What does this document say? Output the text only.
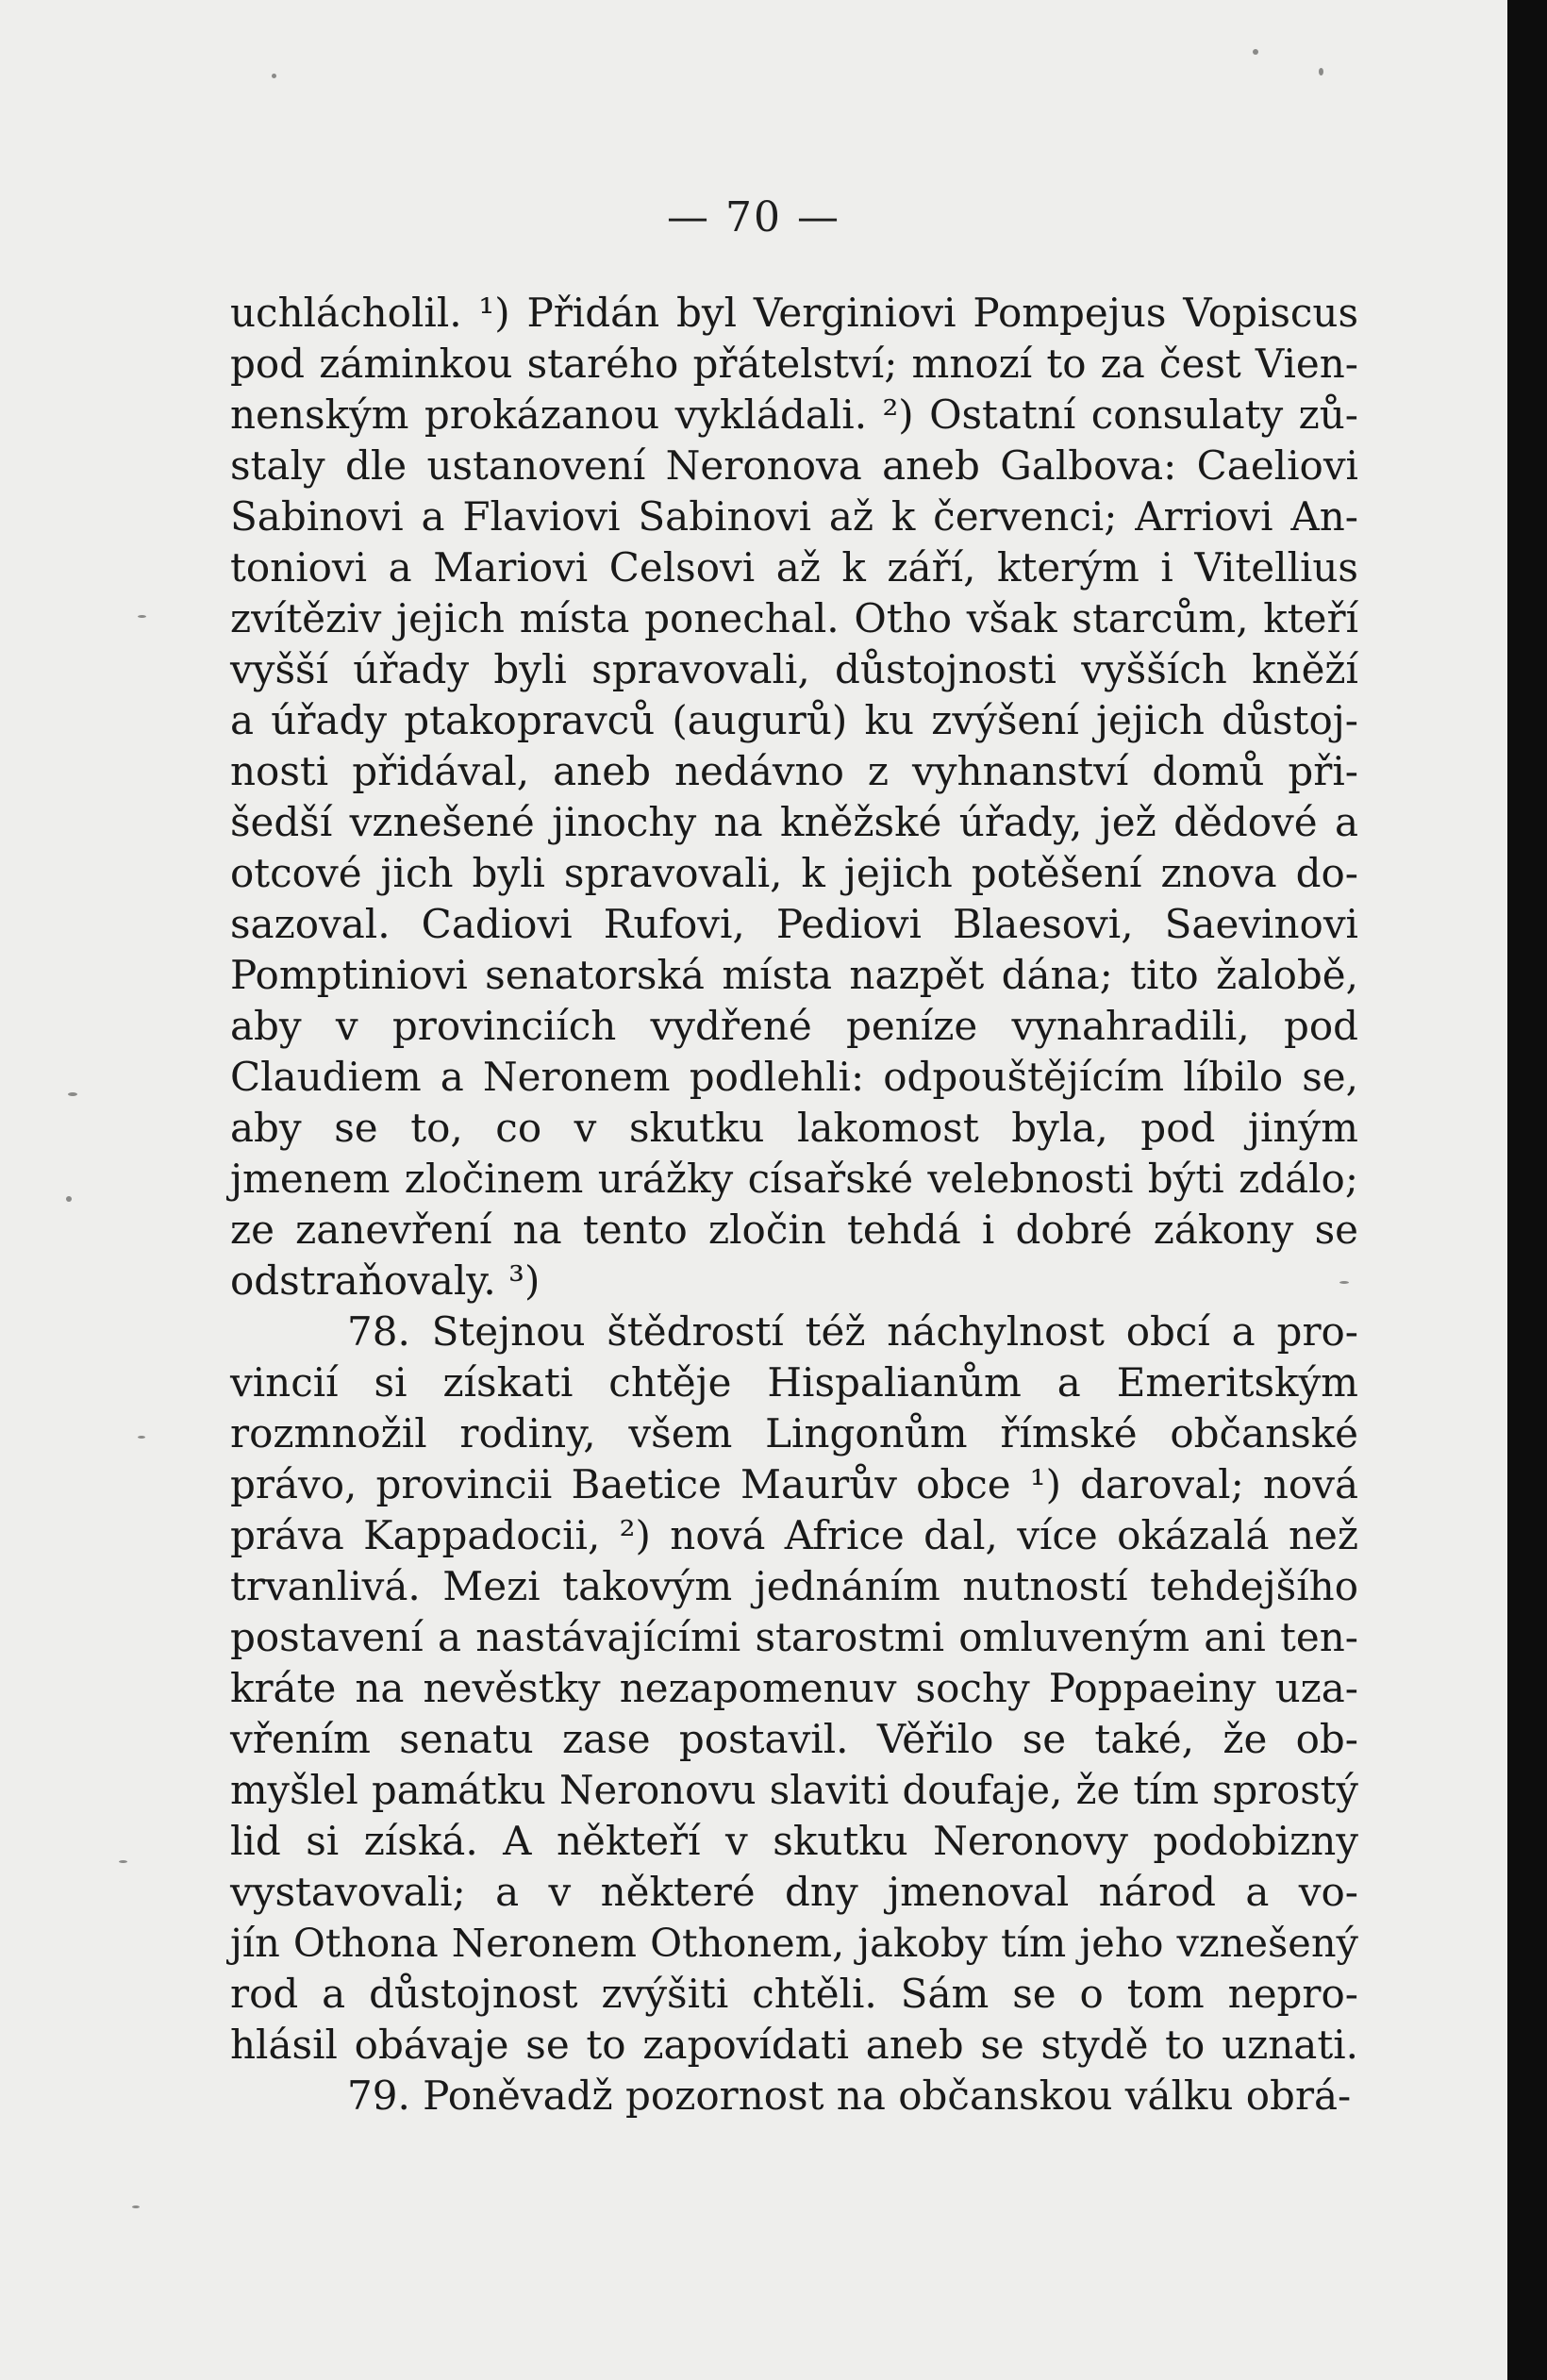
— 70 —
uchlácholil. ¹) Přidán byl Verginiovi Pompejus Vopiscus
pod záminkou starého přátelství; mnozí to za čest Vien-
nenským prokázanou vykládali. ²) Ostatní consulaty zů-
staly dle ustanovení Neronova aneb Galbova: Caeliovi
Sabinovi a Flaviovi Sabinovi až k červenci; Arriovi An-
toniovi a Mariovi Celsovi až k září, kterým i Vitellius
zvítěziv jejich místa ponechal. Otho však starcům, kteří
vyšší úřady byli spravovali, důstojnosti vyšších kněží
a úřady ptakopravců (augurů) ku zvýšení jejich důstoj-
nosti přidával, aneb nedávno z vyhnanství domů při-
šedší vznešené jinochy na kněžské úřady, jež dědové a
otcové jich byli spravovali, k jejich potěšení znova do-
sazoval. Cadiovi Rufovi, Pediovi Blaesovi, Saevinovi
Pomptiniovi senatorská místa nazpět dána; tito žalobě,
aby v provinciích vydřené peníze vynahradili, pod
Claudiem a Neronem podlehli: odpouštějícím líbilo se,
aby se to, co v skutku lakomost byla, pod jiným
jmenem zločinem urážky císařské velebnosti býti zdálo;
ze zanevření na tento zločin tehdá i dobré zákony se
odstraňovaly. ³)
78. Stejnou štědrostí též náchylnost obcí a pro-
vincií si získati chtěje Hispalianům a Emeritským
rozmnožil rodiny, všem Lingonům římské občanské
právo, provincii Baetice Maurův obce ¹) daroval; nová
práva Kappadocii, ²) nová Africe dal, více okázalá než
trvanlivá. Mezi takovým jednáním nutností tehdejšího
postavení a nastávajícími starostmi omluveným ani ten-
kráte na nevěstky nezapomenuv sochy Poppaeiny uza-
vřením senatu zase postavil. Věřilo se také, že ob-
myšlel památku Neronovu slaviti doufaje, že tím sprostý
lid si získá. A někteří v skutku Neronovy podobizny
vystavovali; a v některé dny jmenoval národ a vo-
jín Othona Neronem Othonem, jakoby tím jeho vznešený
rod a důstojnost zvýšiti chtěli. Sám se o tom nepro-
hlásil obávaje se to zapovídati aneb se stydě to uznati.
79. Poněvadž pozornost na občanskou válku obrá-
